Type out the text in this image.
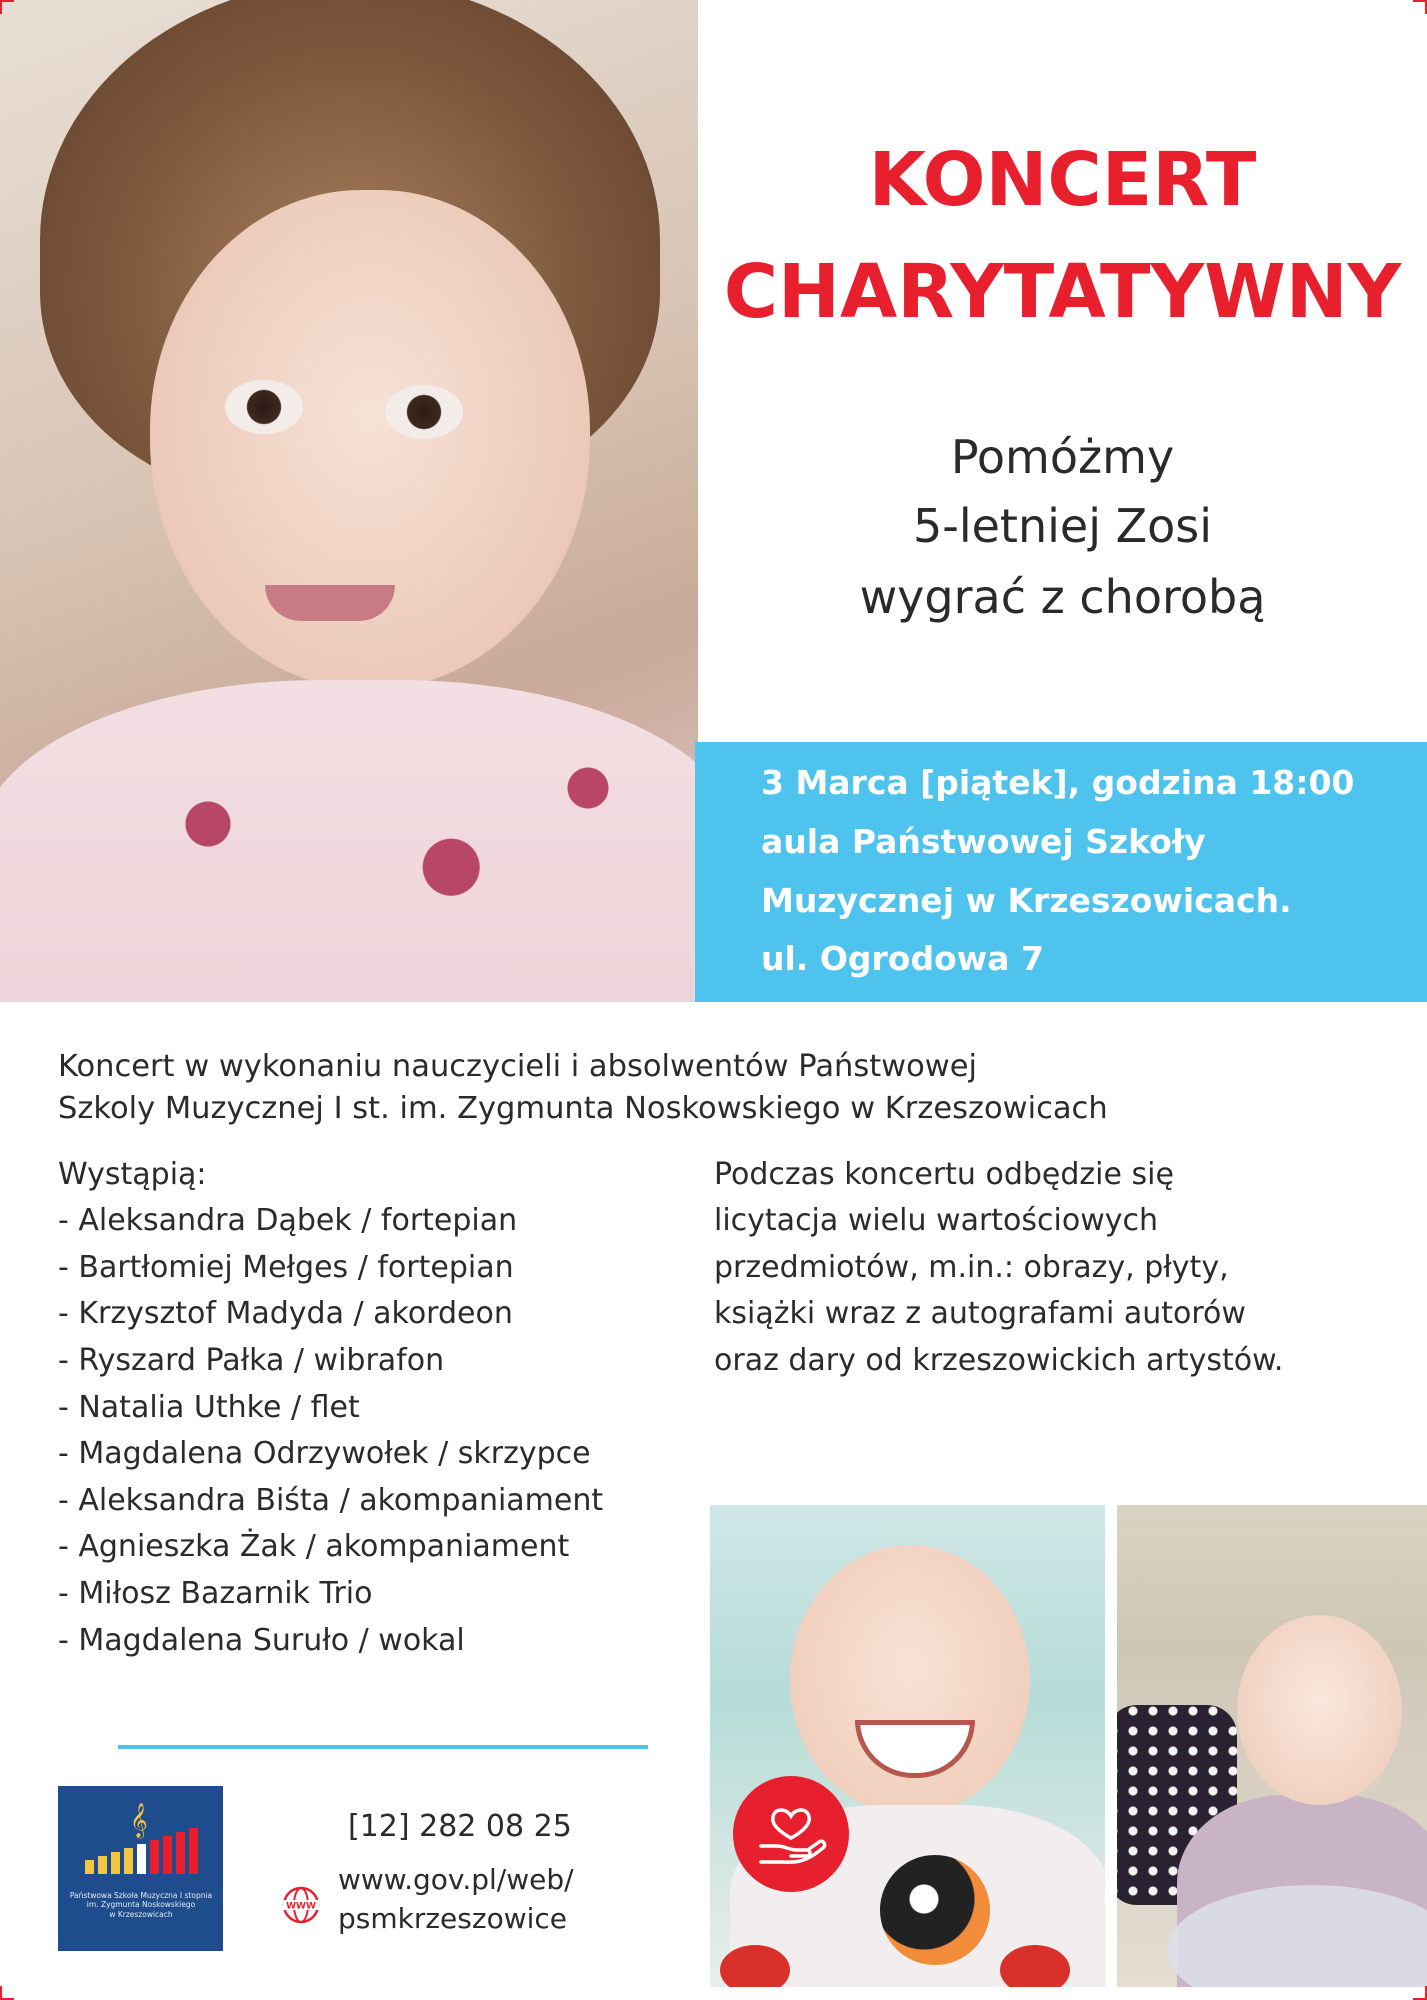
KONCERT
CHARYTATYWNY
Pomóżmy
5-letniej Zosi
wygrać z chorobą
3 Marca [piątek], godzina 18:00
aula Państwowej Szkoły
Muzycznej w Krzeszowicach.
ul. Ogrodowa 7
Koncert w wykonaniu nauczycieli i absolwentów Państwowej
Szkoly Muzycznej I st. im. Zygmunta Noskowskiego w Krzeszowicach
Wystąpią:
- Aleksandra Dąbek / fortepian
- Bartłomiej Mełges / fortepian
- Krzysztof Madyda / akordeon
- Ryszard Pałka / wibrafon
- Natalia Uthke / flet
- Magdalena Odrzywołek / skrzypce
- Aleksandra Biśta / akompaniament
- Agnieszka Żak / akompaniament
- Miłosz Bazarnik Trio
- Magdalena Suruło / wokal
Podczas koncertu odbędzie się
licytacja wielu wartościowych
przedmiotów, m.in.: obrazy, płyty,
książki wraz z autografami autorów
oraz dary od krzeszowickich artystów.
𝄞
Państwowa Szkoła Muzyczna I stopnia
im. Zygmunta Noskowskiego
w Krzeszowicach
[12] 282 08 25
WWW
www.gov.pl/web/
psmkrzeszowice
